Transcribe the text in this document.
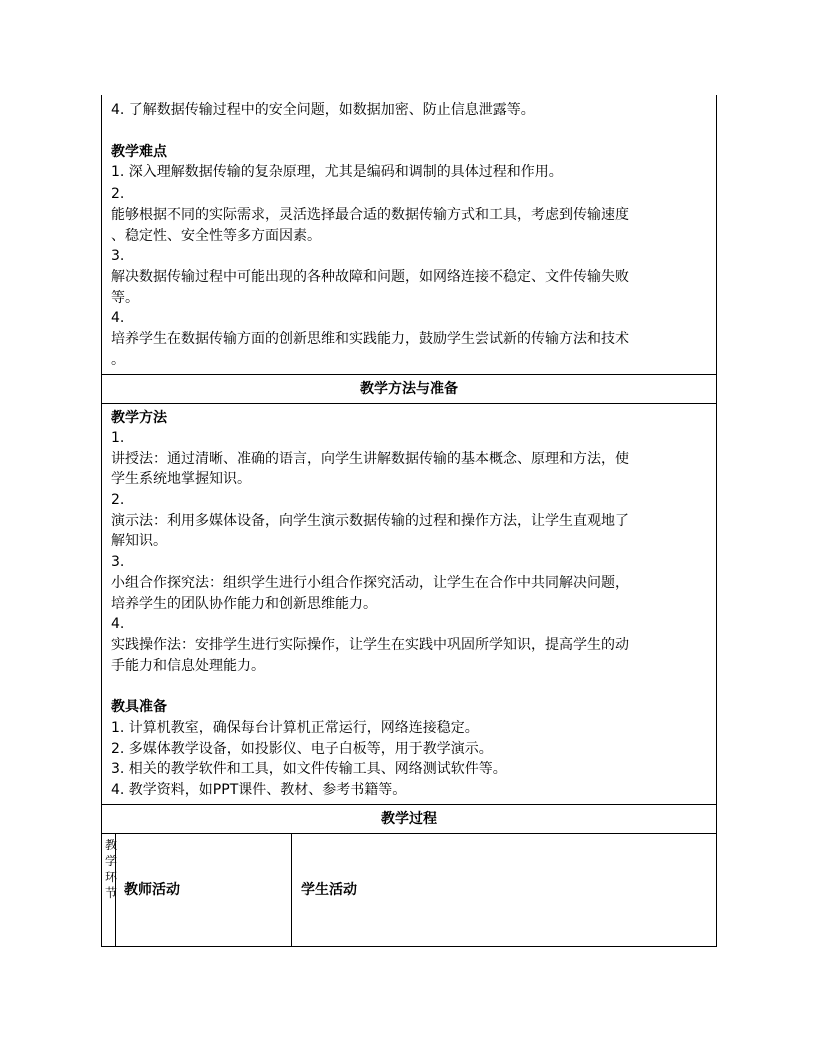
4. 了解数据传输过程中的安全问题，如数据加密、防止信息泄露等。
教学难点
1. 深入理解数据传输的复杂原理，尤其是编码和调制的具体过程和作用。
2.
能够根据不同的实际需求，灵活选择最合适的数据传输方式和工具，考虑到传输速度
、稳定性、安全性等多方面因素。
3.
解决数据传输过程中可能出现的各种故障和问题，如网络连接不稳定、文件传输失败
等。
4.
培养学生在数据传输方面的创新思维和实践能力，鼓励学生尝试新的传输方法和技术
。
教学方法与准备
教学方法
1.
讲授法：通过清晰、准确的语言，向学生讲解数据传输的基本概念、原理和方法，使
学生系统地掌握知识。
2.
演示法：利用多媒体设备，向学生演示数据传输的过程和操作方法，让学生直观地了
解知识。
3.
小组合作探究法：组织学生进行小组合作探究活动，让学生在合作中共同解决问题，
培养学生的团队协作能力和创新思维能力。
4.
实践操作法：安排学生进行实际操作，让学生在实践中巩固所学知识，提高学生的动
手能力和信息处理能力。
教具准备
1. 计算机教室，确保每台计算机正常运行，网络连接稳定。
2. 多媒体教学设备，如投影仪、电子白板等，用于教学演示。
3. 相关的教学软件和工具，如文件传输工具、网络测试软件等。
4. 教学资料，如PPT课件、教材、参考书籍等。
教学过程
教学环节 教师活动	学生活动
